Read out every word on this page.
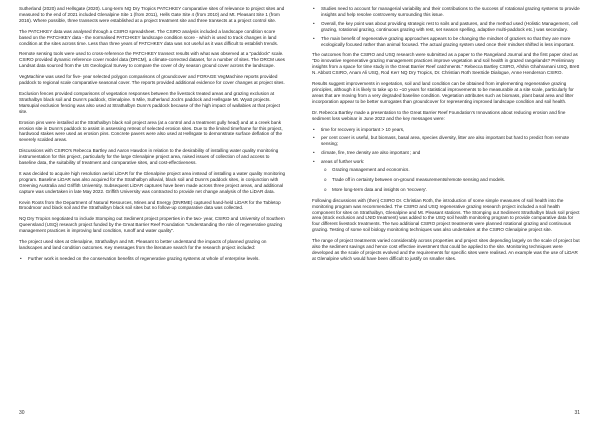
Sutherland (2020) and Hellsgate (2020). Long-term NQ Dry Tropics PATCHKEY comparative sites of relevance to project sites and measured to the end of 2021 included Glenalpine Site 1 (from 2011), Hells Gate Site 4 (from 2010) and Mt. Pleasant Site 1 (from 2016). Where possible, three transects were established at a project treatment site and three transects at a project control site.

The PATCHKEY data was analysed through a CSIRO spreadsheet. The CSIRO analysis included a landscape condition score based on the PATCHKEY data - the normalised PATCHKEY landscape condition score - which is used to track changes in land condition at the sites across time. Less than three years of PATCHKEY data was not useful as it was difficult to establish trends.

Remote sensing tools were used to cross-reference the PATCHKEY transect results with what was observed at a "paddock" scale. CSIRO provided dynamic reference cover model data (DRCM), a climate-corrected dataset, for a number of sites. The DRCM uses Landsat data sourced from the US Geological Survey to compare the cover of dry season ground cover across the landscape.

VegMachine was used for five- year selected polygon comparisons of groundcover and FORAGE VegMachine reports provided paddock to regional scale comparative seasonal cover. The reports provided additional evidence for cover changes at project sites.

Exclusion fences provided comparisons of vegetation responses between the livestock treated areas and grazing exclusion at Strathalbyn black soil and Dunn's paddock, Glenalpine. 5 Mile, Sutherland Jock's paddock and Hellsgate Mt. Wyatt projects. Marsupial exclusion fencing was also used at Strathalbyn Dunn's paddock because of the high impact of wallabies at that project site.

Erosion pins were installed at the Strathalbyn black soil project area (at a control and a treatment gully head) and at a creek bank erosion site in Dunn's paddock to assist in assessing retreat of selected erosion sites. Due to the limited timeframe for this project, hardwood stakes were used as erosion pins. Concrete pavers were also used at Hellsgate to demonstrate surface deflation of the severely scalded areas.

Discussions with CSIRO's Rebecca Bartley and Aaron Hawdon in relation to the desirability of installing water quality monitoring instrumentation for this project, particularly for the large Glenalpine project area, raised issues of collection of and access to baseline data, the suitability of treatment and comparative sites, and cost-effectiveness.

It was decided to acquire high resolution aerial LiDAR for the Glenalpine project area instead of installing a water quality monitoring program. Baseline LiDAR was also acquired for the Strathalbyn alluvial, black soil and Dunn's paddock sites, in conjunction with Greening Australia and Griffith University. Subsequent LiDAR captures have been made across three project areas, and additional capture was undertaken in late May 2022. Griffith University was contracted to provide net change analysis of the LiDAR data.

Kevin Roots from the Department of Natural Resources, Mines and Energy (DNRME) captured hand-held LiDAR for the Tabletop Broodmoor and black soil and the Strathalbyn black soil sites but no follow-up comparative data was collected.

NQ Dry Tropics negotiated to include Stomping out Sediment project properties in the two- year, CSIRO and University of Southern Queensland (USQ) research project funded by the Great Barrier Reef Foundation "Understanding the role of regenerative grazing management practices in improving land condition, runoff and water quality".

The project used sites at Glenalpine, Strathalbyn and Mt. Pleasant to better understand the impacts of planned grazing on landscapes and land condition outcomes. Key messages from the literature search for the research project included:

• Further work is needed on the conservation benefits of regenerative grazing systems at whole of enterprise levels.
30
• Studies need to account for managerial variability and their contributions to the success of rotational grazing systems to provide insights and help resolve controversy surrounding this issue.
• Overall, the key point was about providing strategic rest to soils and pastures, and the method used (Holistic Management, cell grazing, rotational grazing, continuous grazing with rest, set season spelling, adaptive multi-paddock etc.) was secondary.
• The main benefit of regenerative grazing approaches appears to be changing the mindset of graziers so that they are more ecologically focused rather than animal focused. The actual grazing system used once their mindset shifted is less important.

The outcomes from the CSIRO and USQ research were submitted as a paper to the Rangeland Journal and the first paper cited as "Do innovative regenerative grazing management practices improve vegetation and soil health in grazed rangelands? Preliminary insights from a space for time study in the Great Barrier Reef catchments." Rebecca Bartley CSIRO, Afshin Ghahramani USQ, Brett N. Abbott CSIRO, Anam Ali USQ, Rod Kerr NQ Dry Tropics, Dr. Christian Roth SeeSide Dialogue, Anne Henderson CSIRO.

Results suggest improvements in vegetation, soil and land condition can be obtained from implementing regenerative grazing principles, although it is likely to take up to ~10 years for statistical improvements to be measurable at a site scale, particularly for areas that are moving from a very degraded baseline condition. Vegetation attributes such as biomass, plant basal area and litter incorporation appear to be better surrogates than groundcover for representing improved landscape condition and soil health.

Dr. Rebecca Bartley made a presentation to the Great Barrier Reef Foundation's Innovations about reducing erosion and fine sediment loss webinar in June 2022 and the key messages were:

• time for recovery is important > 10 years,
• per cent cover is useful, but biomass, basal area, species diversity, litter are also important but hard to predict from remote sensing;
• climate, fire, tree density are also important ; and
• areas of further work:
o Grazing management and economics.
o Trade off in certainty between on-ground measurements/remote sensing and models.
o More long-term data and insights on 'recovery'.

Following discussions with (then) CSIRO Dr. Christian Roth, the introduction of some simple measures of soil health into the monitoring program was recommended. The CSIRO and USQ regenerative grazing research project included a soil health component for sites on Strathalbyn, Glenalpine and Mt. Pleasant stations. The Stomping out Sediment Strathalbyn black soil project area (stock exclusion and LNID treatment) was added to the USQ soil health monitoring program to provide comparative data for four different livestock treatments. The two additional CSIRO project treatments were planned rotational grazing and continuous grazing. Testing of some soil biology monitoring techniques was also undertaken at the CSIRO Glenalpine project site.

The range of project treatments varied considerably across properties and project sites depending largely on the scale of project but also the sediment savings and hence cost effective investment that could be applied to the site. Monitoring techniques were developed as the scale of projects evolved and the requirements for specific sites were realised. An example was the use of LiDAR at Glenalpine which would have been difficult to justify on smaller sites.

31
